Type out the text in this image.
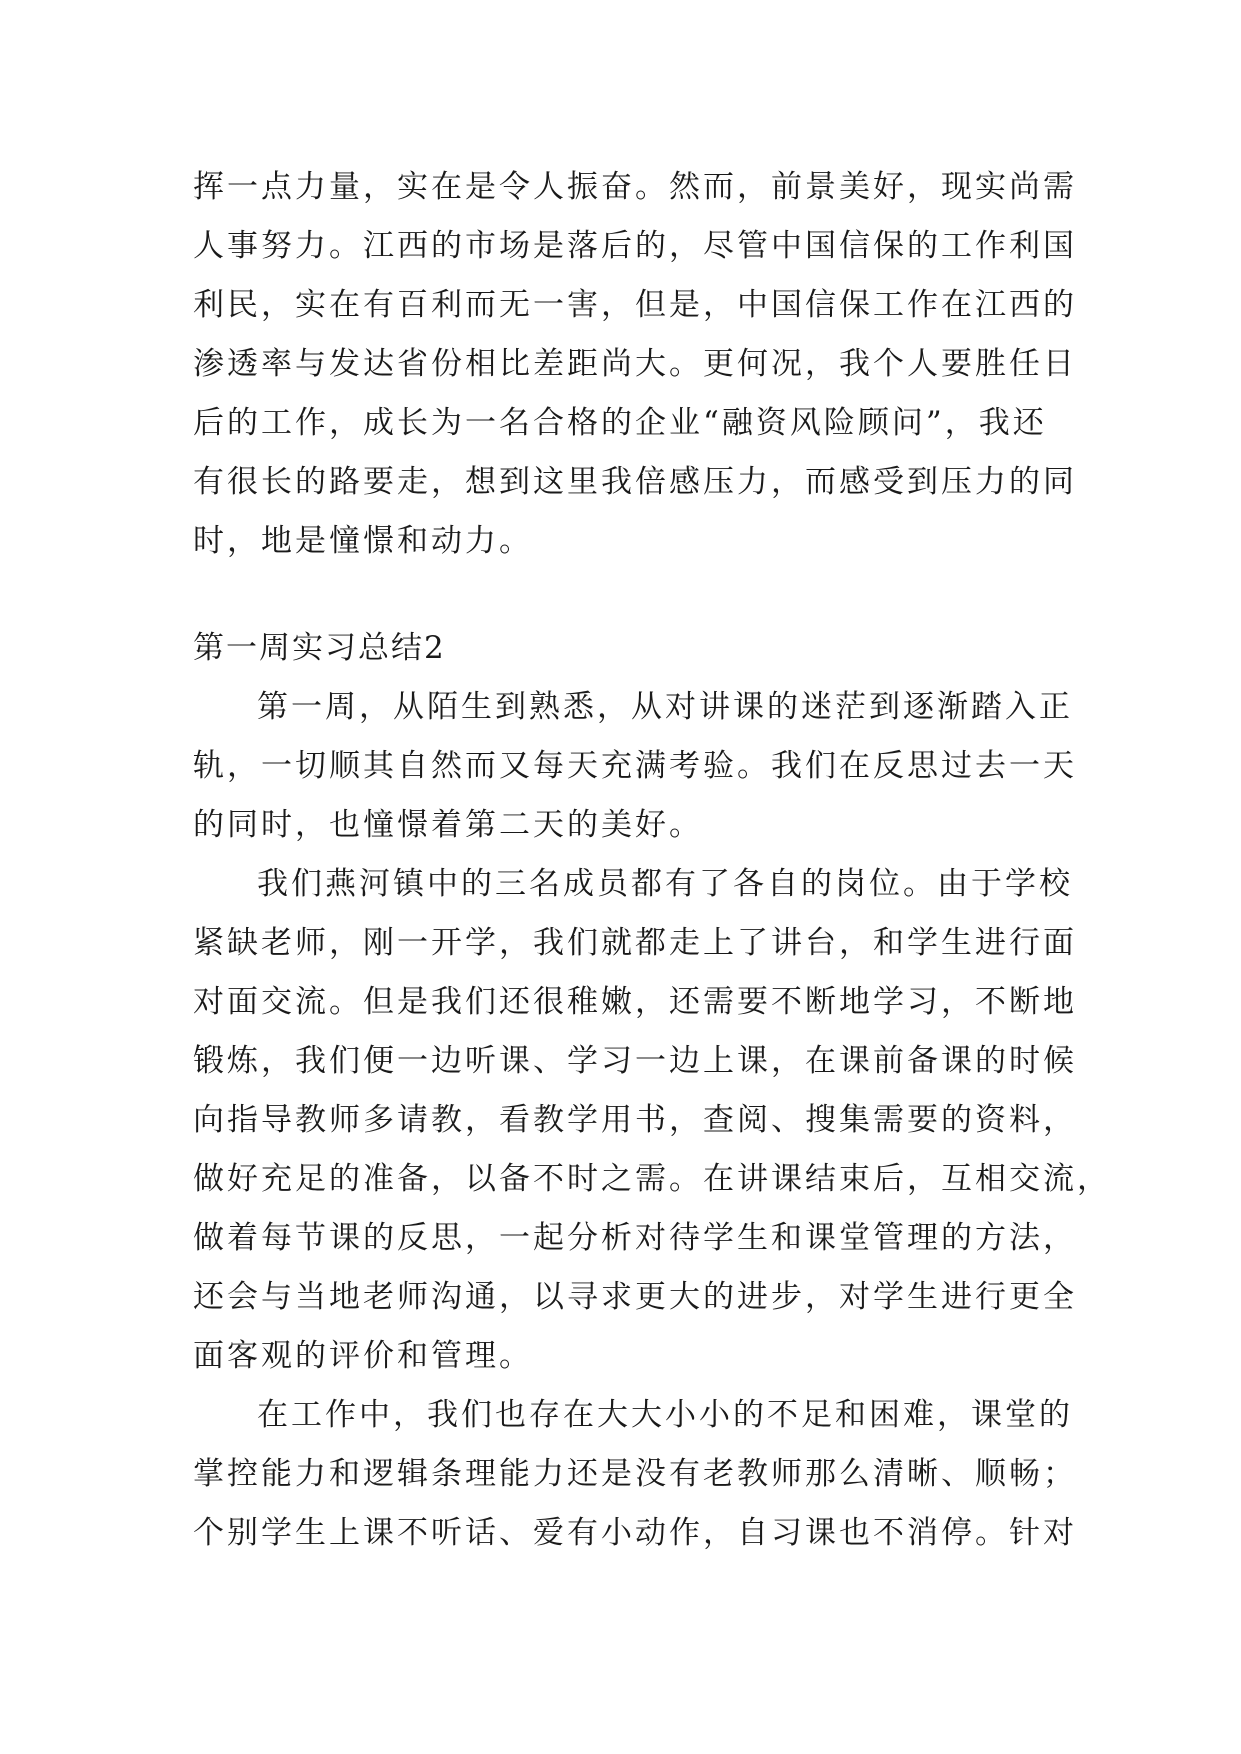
挥一点力量，实在是令人振奋。然而，前景美好，现实尚需
人事努力。江西的市场是落后的，尽管中国信保的工作利国
利民，实在有百利而无一害，但是，中国信保工作在江西的
渗透率与发达省份相比差距尚大。更何况，我个人要胜任日
后的工作，成长为一名合格的企业“融资风险顾问”，我还
有很长的路要走，想到这里我倍感压力，而感受到压力的同
时，地是憧憬和动力。
第一周实习总结2
第一周，从陌生到熟悉，从对讲课的迷茫到逐渐踏入正
轨，一切顺其自然而又每天充满考验。我们在反思过去一天
的同时，也憧憬着第二天的美好。
我们燕河镇中的三名成员都有了各自的岗位。由于学校
紧缺老师，刚一开学，我们就都走上了讲台，和学生进行面
对面交流。但是我们还很稚嫩，还需要不断地学习，不断地
锻炼，我们便一边听课、学习一边上课，在课前备课的时候
向指导教师多请教，看教学用书，查阅、搜集需要的资料，
做好充足的准备，以备不时之需。在讲课结束后，互相交流，
做着每节课的反思，一起分析对待学生和课堂管理的方法，
还会与当地老师沟通，以寻求更大的进步，对学生进行更全
面客观的评价和管理。
在工作中，我们也存在大大小小的不足和困难，课堂的
掌控能力和逻辑条理能力还是没有老教师那么清晰、顺畅；
个别学生上课不听话、爱有小动作，自习课也不消停。针对
